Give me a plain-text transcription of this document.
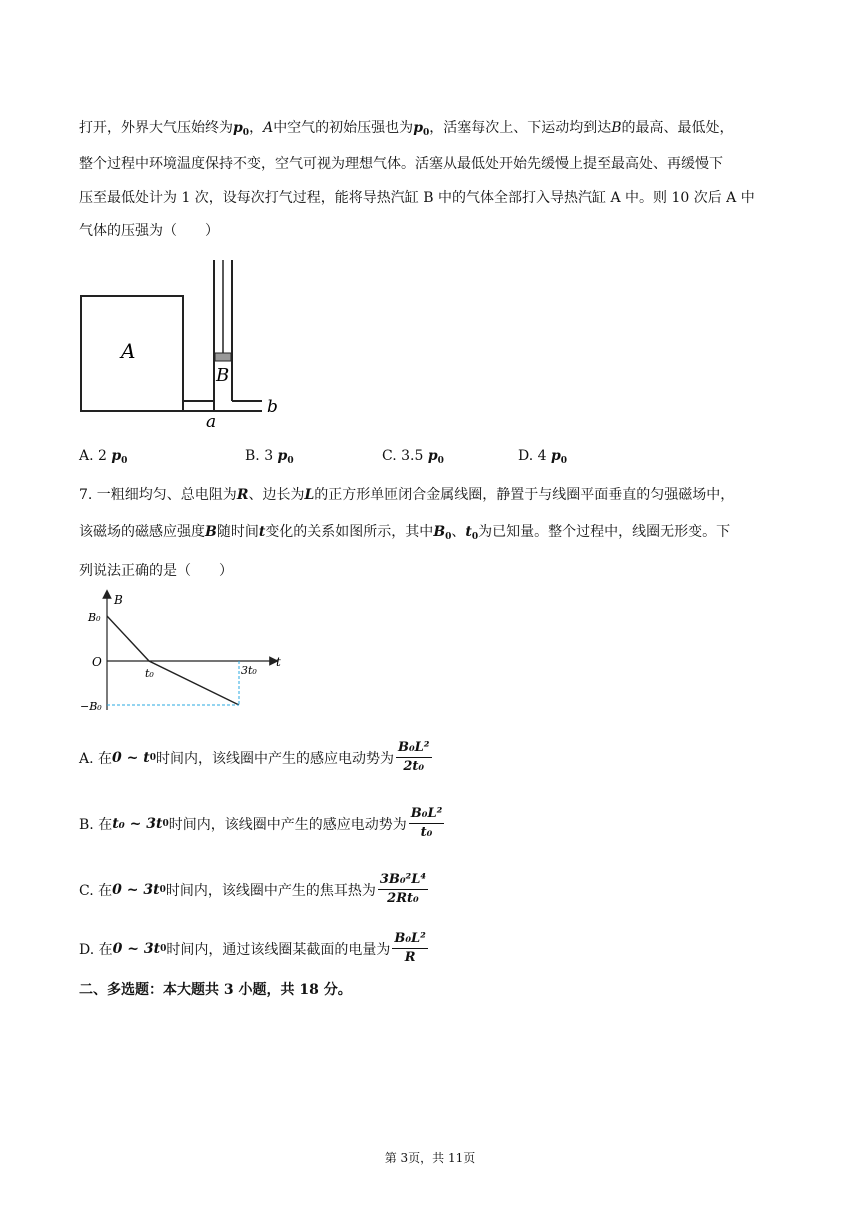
打开，外界大气压始终为$p_0$，A中空气的初始压强也为$p_0$，活塞每次上、下运动均到达B的最高、最低处，
整个过程中环境温度保持不变，空气可视为理想气体。活塞从最低处开始先缓慢上提至最高处、再缓慢下
压至最低处计为 1 次，设每次打气过程，能将导热汽缸 B 中的气体全部打入导热汽缸 A 中。则 10 次后 A 中
气体的压强为（　　）
A
B
a
b
A. 2 $p_0$	B. 3 $p_0$	C. 3.5 $p_0$	D. 4 $p_0$
7. 一粗细均匀、总电阻为R、边长为L的正方形单匝闭合金属线圈，静置于与线圈平面垂直的匀强磁场中，
该磁场的磁感应强度B随时间t变化的关系如图所示，其中$B_0$、$t_0$为已知量。整个过程中，线圈无形变。下
列说法正确的是（　　）
B
t
O
B₀
−B₀
t₀	3t₀
A. 在 0 ~ t 0 时间内，该线圈中产生的感应电动势为 $\frac{\text{B₀L²}}{\text{2t₀}}$
B. 在 t₀ ~ 3t 0 时间内，该线圈中产生的感应电动势为 $\frac{\text{B₀L²}}{\text{t₀}}$
C. 在 0 ~ 3t 0 时间内，该线圈中产生的焦耳热为 $\frac{\text{3B₀²L⁴}}{\text{2Rt₀}}$
D. 在 0 ~ 3t 0 时间内，通过该线圈某截面的电量为 $\frac{\text{B₀L²}}{R}$
二、多选题：本大题共 3 小题，共 18 分。
第 3页，共 11页
